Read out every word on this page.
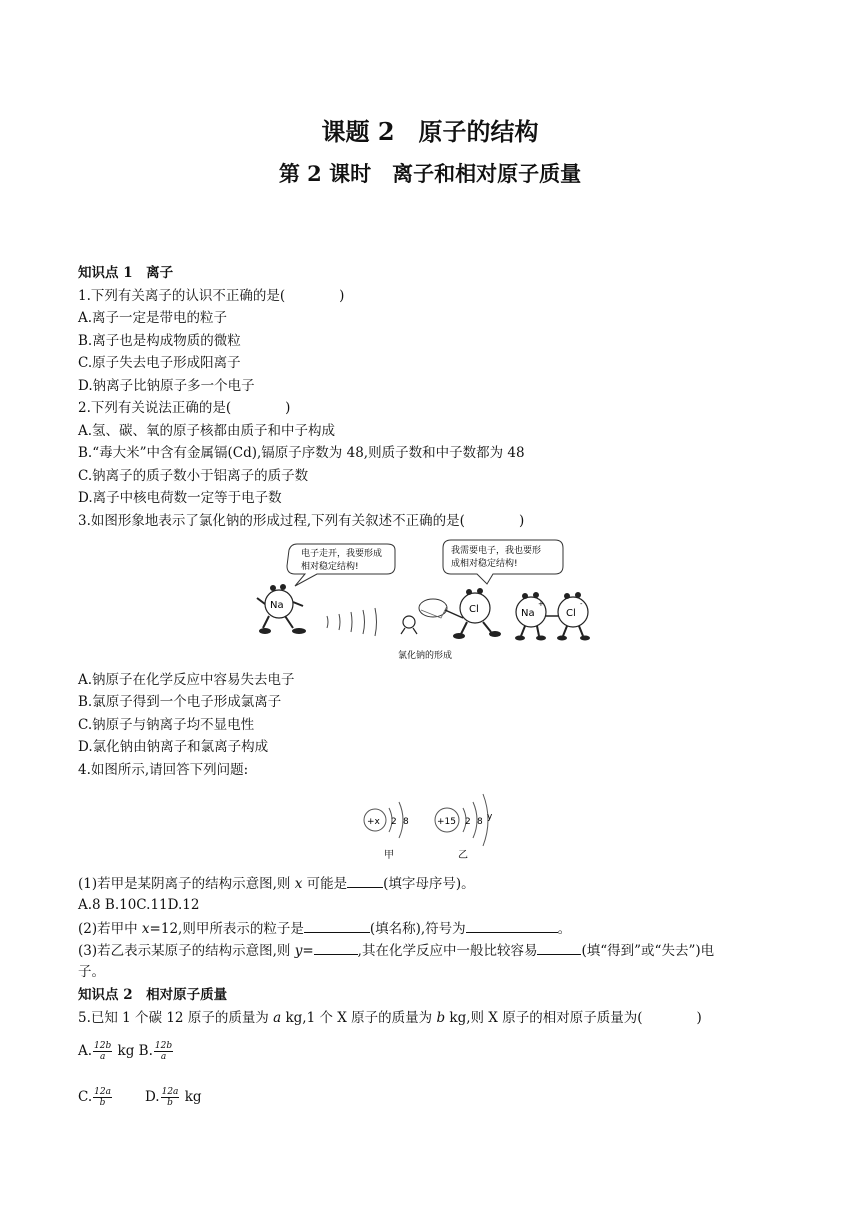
课题 2　原子的结构
第 2 课时　离子和相对原子质量
知识点 1　离子
1.下列有关离子的认识不正确的是(　　　　)
A.离子一定是带电的粒子
B.离子也是构成物质的微粒
C.原子失去电子形成阳离子
D.钠离子比钠原子多一个电子
2.下列有关说法正确的是(　　　　)
A.氢、碳、氧的原子核都由质子和中子构成
B.“毒大米”中含有金属镉(Cd),镉原子序数为 48,则质子数和中子数都为 48
C.钠离子的质子数小于铝离子的质子数
D.离子中核电荷数一定等于电子数
3.如图形象地表示了氯化钠的形成过程,下列有关叙述不正确的是(　　　　)
电子走开，我要形成
相对稳定结构!
我需要电子，我也要形
成相对稳定结构!
Na	Cl	Na
+
Cl
-
氯化钠的形成
A.钠原子在化学反应中容易失去电子
B.氯原子得到一个电子形成氯离子
C.钠原子与钠离子均不显电性
D.氯化钠由钠离子和氯离子构成
4.如图所示,请回答下列问题:
+x 2 8
甲
+15 2 8 y
乙
(1)若甲是某阴离子的结构示意图,则 x 可能是	(填字母序号)。
A.8 B.10C.11D.12
(2)若甲中 x=12,则甲所表示的粒子是	(填名称),符号为	。
(3)若乙表示某原子的结构示意图,则 y=	,其在化学反应中一般比较容易	(填“得到”或“失去”)电
子。
知识点 2　相对原子质量
5.已知 1 个碳 12 原子的质量为 a kg,1 个 X 原子的质量为 b kg,则 X 原子的相对原子质量为(　　　　)
A. $\frac{12b}{a}$ kg B. $\frac{12b}{a}$
C. $\frac{12a}{b} D$. $\frac{12a}{b}$ kg
